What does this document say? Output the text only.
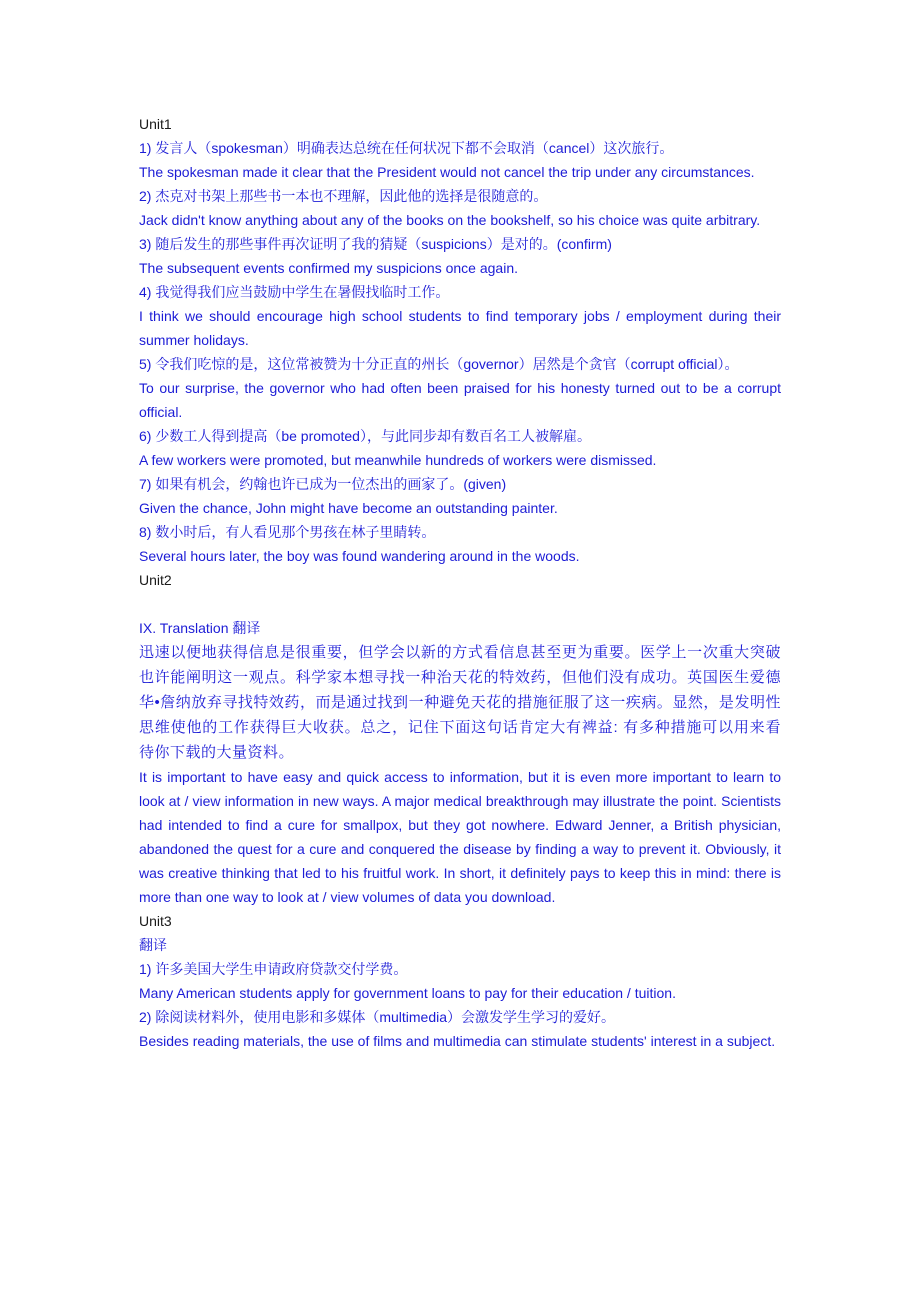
Unit1

1) 发言人（spokesman）明确表达总统在任何状况下都不会取消（cancel）这次旅行。

The spokesman made it clear that the President would not cancel the trip under any circumstances.

2) 杰克对书架上那些书一本也不理解，因此他的选择是很随意的。

Jack didn't know anything about any of the books on the bookshelf, so his choice was quite arbitrary.

3) 随后发生的那些事件再次证明了我的猜疑（suspicions）是对的。(confirm)

The subsequent events confirmed my suspicions once again.

4) 我觉得我们应当鼓励中学生在暑假找临时工作。

I think we should encourage high school students to find temporary jobs / employment during their summer holidays.

5) 令我们吃惊的是，这位常被赞为十分正直的州长（governor）居然是个贪官（corrupt official）。

To our surprise, the governor who had often been praised for his honesty turned out to be a corrupt official.

6) 少数工人得到提高（be promoted），与此同步却有数百名工人被解雇。

A few workers were promoted, but meanwhile hundreds of workers were dismissed.

7) 如果有机会，约翰也许已成为一位杰出的画家了。(given)

Given the chance, John might have become an outstanding painter.

8) 数小时后，有人看见那个男孩在林子里睛转。

Several hours later, the boy was found wandering around in the woods.

Unit2

IX. Translation 翻译

迅速以便地获得信息是很重要，但学会以新的方式看信息甚至更为重要。医学上一次重大突破也许能阐明这一观点。科学家本想寻找一种治天花的特效药，但他们没有成功。英国医生爱德华•詹纳放弃寻找特效药，而是通过找到一种避免天花的措施征服了这一疾病。显然，是发明性思维使他的工作获得巨大收获。总之，记住下面这句话肯定大有裨益: 有多种措施可以用来看待你下载的大量资料。

It is important to have easy and quick access to information, but it is even more important to learn to look at / view information in new ways. A major medical breakthrough may illustrate the point. Scientists had intended to find a cure for smallpox, but they got nowhere. Edward Jenner, a British physician, abandoned the quest for a cure and conquered the disease by finding a way to prevent it. Obviously, it was creative thinking that led to his fruitful work. In short, it definitely pays to keep this in mind: there is more than one way to look at / view volumes of data you download.

Unit3

翻译

1) 许多美国大学生申请政府贷款交付学费。

Many American students apply for government loans to pay for their education / tuition.

2) 除阅读材料外，使用电影和多媒体（multimedia）会激发学生学习的爱好。

Besides reading materials, the use of films and multimedia can stimulate students' interest in a subject.
